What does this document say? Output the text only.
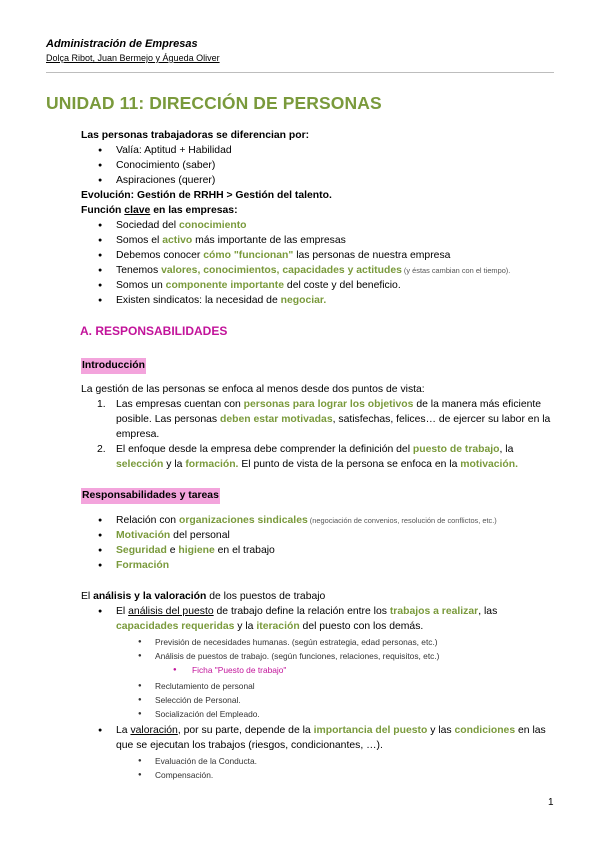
Administración de Empresas
Dolça Ribot, Juan Bermejo y Águeda Oliver
UNIDAD 11: DIRECCIÓN DE PERSONAS
Las personas trabajadoras se diferencian por:
● Valía: Aptitud + Habilidad
● Conocimiento (saber)
● Aspiraciones (querer)
Evolución: Gestión de RRHH > Gestión del talento.
Función clave en las empresas:
● Sociedad del conocimiento
● Somos el activo más importante de las empresas
● Debemos conocer cómo "funcionan" las personas de nuestra empresa
● Tenemos valores, conocimientos, capacidades y actitudes (y éstas cambian con el tiempo).
● Somos un componente importante del coste y del beneficio.
● Existen sindicatos: la necesidad de negociar.
A. RESPONSABILIDADES
Introducción
La gestión de las personas se enfoca al menos desde dos puntos de vista:
1. Las empresas cuentan con personas para lograr los objetivos de la manera más eficiente posible. Las personas deben estar motivadas, satisfechas, felices… de ejercer su labor en la empresa.
2. El enfoque desde la empresa debe comprender la definición del puesto de trabajo, la selección y la formación. El punto de vista de la persona se enfoca en la motivación.
Responsabilidades y tareas
● Relación con organizaciones sindicales (negociación de convenios, resolución de conflictos, etc.)
● Motivación del personal
● Seguridad e higiene en el trabajo
● Formación
El análisis y la valoración de los puestos de trabajo
● El análisis del puesto de trabajo define la relación entre los trabajos a realizar, las capacidades requeridas y la iteración del puesto con los demás.
● Previsión de necesidades humanas. (según estrategia, edad personas, etc.)
● Análisis de puestos de trabajo. (según funciones, relaciones, requisitos, etc.)
● Ficha "Puesto de trabajo"
● Reclutamiento de personal
● Selección de Personal.
● Socialización del Empleado.
● La valoración, por su parte, depende de la importancia del puesto y las condiciones en las que se ejecutan los trabajos (riesgos, condicionantes, …).
● Evaluación de la Conducta.
● Compensación.
1
